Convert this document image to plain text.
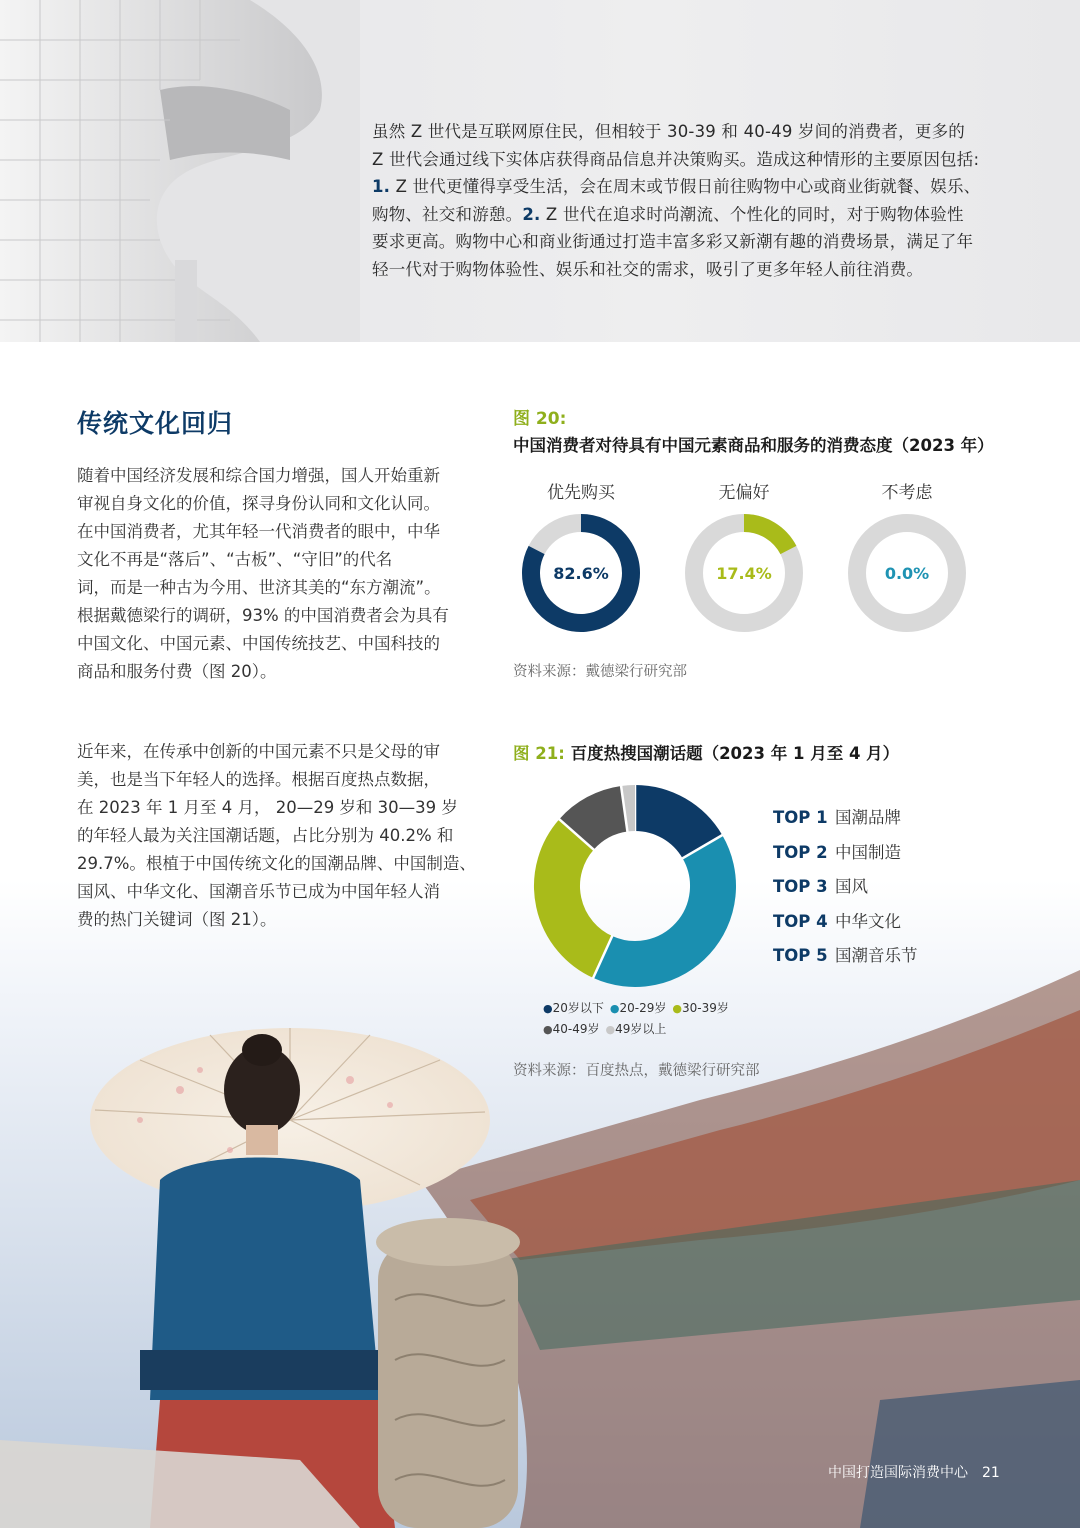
虽然 Z 世代是互联网原住民，但相较于 30-39 和 40-49 岁间的消费者，更多的
Z 世代会通过线下实体店获得商品信息并决策购买。造成这种情形的主要原因包括:
1. Z 世代更懂得享受生活，会在周末或节假日前往购物中心或商业街就餐、娱乐、
购物、社交和游憩。2. Z 世代在追求时尚潮流、个性化的同时，对于购物体验性
要求更高。购物中心和商业街通过打造丰富多彩又新潮有趣的消费场景，满足了年
轻一代对于购物体验性、娱乐和社交的需求，吸引了更多年轻人前往消费。
传统文化回归
随着中国经济发展和综合国力增强，国人开始重新
审视自身文化的价值，探寻身份认同和文化认同。
在中国消费者，尤其年轻一代消费者的眼中，中华
文化不再是“落后”、“古板”、“守旧”的代名
词，而是一种古为今用、世济其美的“东方潮流”。
根据戴德梁行的调研，93% 的中国消费者会为具有
中国文化、中国元素、中国传统技艺、中国科技的
商品和服务付费（图 20）。
近年来，在传承中创新的中国元素不只是父母的审
美，也是当下年轻人的选择。根据百度热点数据，
在 2023 年 1 月至 4 月， 20—29 岁和 30—39 岁
的年轻人最为关注国潮话题，占比分别为 40.2% 和
29.7%。根植于中国传统文化的国潮品牌、中国制造、
国风、中华文化、国潮音乐节已成为中国年轻人消
费的热门关键词（图 21）。
图 20:
中国消费者对待具有中国元素商品和服务的消费态度（2023 年）
优先购买	无偏好	不考虑
82.6%	17.4%	0.0%
资料来源：戴德梁行研究部
图 21: 百度热搜国潮话题（2023 年 1 月至 4 月）
TOP 1 国潮品牌
TOP 2 中国制造
TOP 3 国风
TOP 4 中华文化
TOP 5 国潮音乐节
●20岁以下 ●20-29岁 ●30-39岁
●40-49岁 ●49岁以上
资料来源：百度热点，戴德梁行研究部
中国打造国际消费中心 21
